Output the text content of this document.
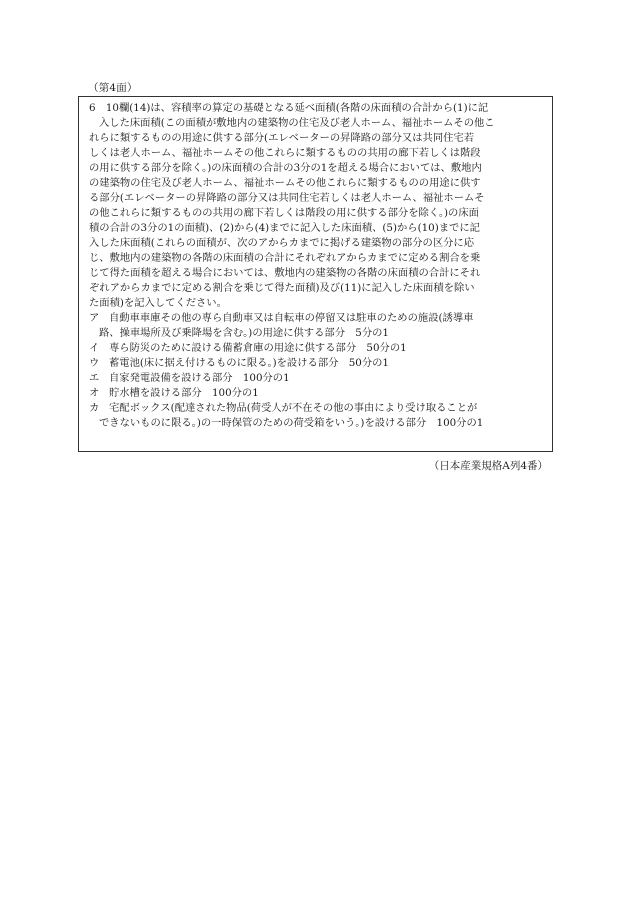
（第4面）
6　10欄(14)は、容積率の算定の基礎となる延べ面積(各階の床面積の合計から(1)に記
入した床面積(この面積が敷地内の建築物の住宅及び老人ホーム、福祉ホームその他こ
れらに類するものの用途に供する部分(エレベーターの昇降路の部分又は共同住宅若
しくは老人ホーム、福祉ホームその他これらに類するものの共用の廊下若しくは階段
の用に供する部分を除く。)の床面積の合計の3分の1を超える場合においては、敷地内
の建築物の住宅及び老人ホーム、福祉ホームその他これらに類するものの用途に供す
る部分(エレベーターの昇降路の部分又は共同住宅若しくは老人ホーム、福祉ホームそ
の他これらに類するものの共用の廊下若しくは階段の用に供する部分を除く。)の床面
積の合計の3分の1の面積)、(2)から(4)までに記入した床面積、(5)から(10)までに記
入した床面積(これらの面積が、次のアからカまでに掲げる建築物の部分の区分に応
じ、敷地内の建築物の各階の床面積の合計にそれぞれアからカまでに定める割合を乗
じて得た面積を超える場合においては、敷地内の建築物の各階の床面積の合計にそれ
ぞれアからカまでに定める割合を乗じて得た面積)及び(11)に記入した床面積を除い
た面積)を記入してください。
ア 自動車車庫その他の専ら自動車又は自転車の停留又は駐車のための施設(誘導車
路、操車場所及び乗降場を含む。)の用途に供する部分　5分の1
イ 専ら防災のために設ける備蓄倉庫の用途に供する部分　50分の1
ウ 蓄電池(床に据え付けるものに限る。)を設ける部分　50分の1
エ 自家発電設備を設ける部分　100分の1
オ 貯水槽を設ける部分　100分の1
カ 宅配ボックス(配達された物品(荷受人が不在その他の事由により受け取ることが
できないものに限る。)の一時保管のための荷受箱をいう。)を設ける部分　100分の1
（日本産業規格A列4番）
